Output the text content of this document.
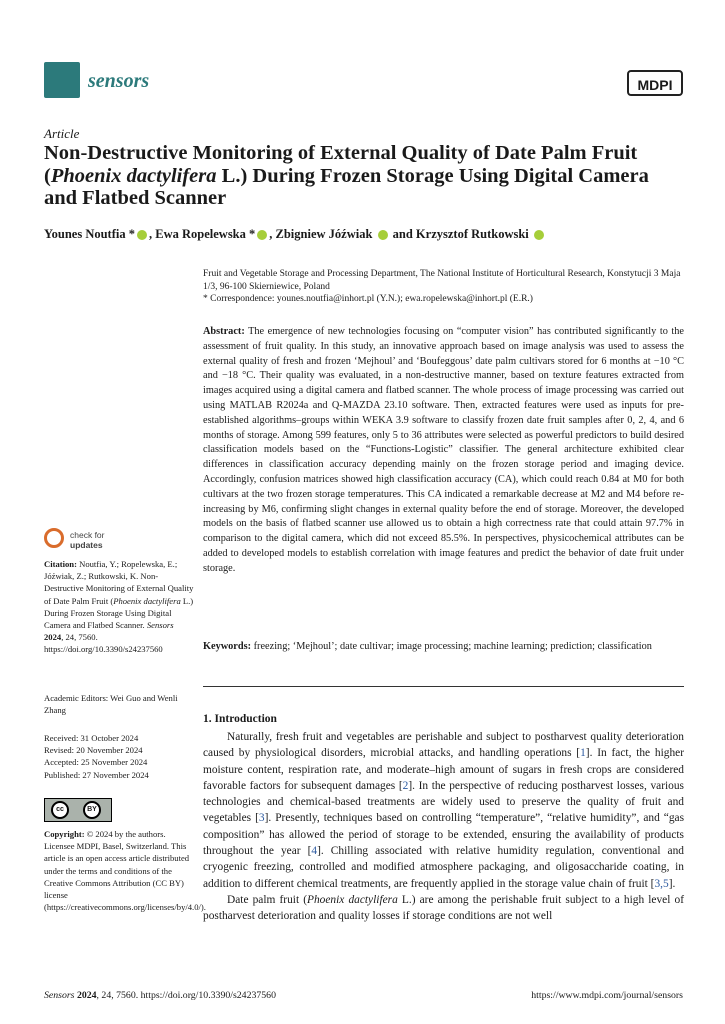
sensors	MDPI
Article
Non-Destructive Monitoring of External Quality of Date Palm Fruit (Phoenix dactylifera L.) During Frozen Storage Using Digital Camera and Flatbed Scanner
Younes Noutfia * , Ewa Ropelewska * , Zbigniew Jóźwiak  and Krzysztof Rutkowski
Fruit and Vegetable Storage and Processing Department, The National Institute of Horticultural Research, Konstytucji 3 Maja 1/3, 96-100 Skierniewice, Poland
* Correspondence: younes.noutfia@inhort.pl (Y.N.); ewa.ropelewska@inhort.pl (E.R.)
Abstract: The emergence of new technologies focusing on “computer vision” has contributed significantly to the assessment of fruit quality. In this study, an innovative approach based on image analysis was used to assess the external quality of fresh and frozen ‘Mejhoul’ and ‘Boufeggous’ date palm cultivars stored for 6 months at −10 °C and −18 °C. Their quality was evaluated, in a non-destructive manner, based on texture features extracted from images acquired using a digital camera and flatbed scanner. The whole process of image processing was carried out using MATLAB R2024a and Q-MAZDA 23.10 software. Then, extracted features were used as inputs for pre-established algorithms–groups within WEKA 3.9 software to classify frozen date fruit samples after 0, 2, 4, and 6 months of storage. Among 599 features, only 5 to 36 attributes were selected as powerful predictors to build desired classification models based on the “Functions-Logistic” classifier. The general architecture exhibited clear differences in classification accuracy depending mainly on the frozen storage period and imaging device. Accordingly, confusion matrices showed high classification accuracy (CA), which could reach 0.84 at M0 for both cultivars at the two frozen storage temperatures. This CA indicated a remarkable decrease at M2 and M4 before re-increasing by M6, confirming slight changes in external quality before the end of storage. Moreover, the developed models on the basis of flatbed scanner use allowed us to obtain a high correctness rate that could attain 97.7% in comparison to the digital camera, which did not exceed 85.5%. In perspectives, physicochemical attributes can be added to developed models to establish correlation with image features and predict the behavior of date fruit under storage.
Keywords: freezing; ‘Mejhoul’; date cultivar; image processing; machine learning; prediction; classification
1. Introduction

Naturally, fresh fruit and vegetables are perishable and subject to postharvest quality deterioration caused by physiological disorders, microbial attacks, and handling operations [1]. In fact, the higher moisture content, respiration rate, and moderate–high amount of sugars in fresh crops are considered favorable factors for subsequent damages [2]. In the perspective of reducing postharvest losses, various technologies and chemical-based treatments are widely used to preserve the quality of fruit and vegetables [3]. Presently, techniques based on controlling “temperature”, “relative humidity”, and “gas composition” has allowed the period of storage to be extended, ensuring the availability of products throughout the year [4]. Chilling associated with relative humidity regulation, conventional and cryogenic freezing, controlled and modified atmosphere packaging, and oligosaccharide coating, in addition to different chemical treatments, are frequently applied in the storage value chain of fruit [3,5].

Date palm fruit (Phoenix dactylifera L.) are among the perishable fruit subject to a high level of postharvest deterioration and quality losses if storage conditions are not well

check for
updates
Citation: Noutfia, Y.; Ropelewska, E.; Jóźwiak, Z.; Rutkowski, K. Non-Destructive Monitoring of External Quality of Date Palm Fruit (Phoenix dactylifera L.) During Frozen Storage Using Digital Camera and Flatbed Scanner. Sensors 2024, 24, 7560. https://doi.org/10.3390/s24237560
Academic Editors: Wei Guo and Wenli Zhang
Received: 31 October 2024
Revised: 20 November 2024
Accepted: 25 November 2024
Published: 27 November 2024
cc	BY
Copyright: © 2024 by the authors. Licensee MDPI, Basel, Switzerland. This article is an open access article distributed under the terms and conditions of the Creative Commons Attribution (CC BY) license (https://creativecommons.org/licenses/by/4.0/).
Sensors 2024, 24, 7560. https://doi.org/10.3390/s24237560	https://www.mdpi.com/journal/sensors
